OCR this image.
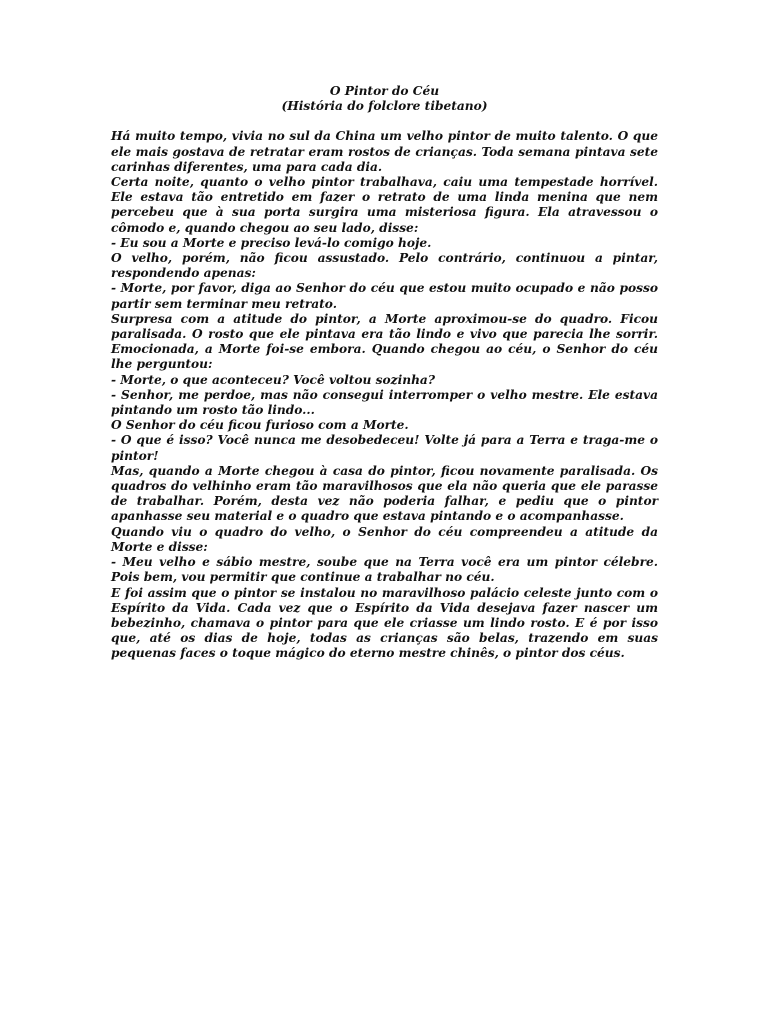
O Pintor do Céu
(História do folclore tibetano)

Há muito tempo, vivia no sul da China um velho pintor de muito talento. O que ele mais gostava de retratar eram rostos de crianças. Toda semana pintava sete carinhas diferentes, uma para cada dia.

Certa noite, quanto o velho pintor trabalhava, caiu uma tempestade horrível. Ele estava tão entretido em fazer o retrato de uma linda menina que nem percebeu que à sua porta surgira uma misteriosa figura. Ela atravessou o cômodo e, quando chegou ao seu lado, disse:

- Eu sou a Morte e preciso levá-lo comigo hoje.

O velho, porém, não ficou assustado. Pelo contrário, continuou a pintar, respondendo apenas:

- Morte, por favor, diga ao Senhor do céu que estou muito ocupado e não posso partir sem terminar meu retrato.

Surpresa com a atitude do pintor, a Morte aproximou-se do quadro. Ficou paralisada. O rosto que ele pintava era tão lindo e vivo que parecia lhe sorrir. Emocionada, a Morte foi-se embora. Quando chegou ao céu, o Senhor do céu lhe perguntou:

- Morte, o que aconteceu? Você voltou sozinha?

- Senhor, me perdoe, mas não consegui interromper o velho mestre. Ele estava pintando um rosto tão lindo...

O Senhor do céu ficou furioso com a Morte.

- O que é isso? Você nunca me desobedeceu! Volte já para a Terra e traga-me o pintor!

Mas, quando a Morte chegou à casa do pintor, ficou novamente paralisada. Os quadros do velhinho eram tão maravilhosos que ela não queria que ele parasse de trabalhar. Porém, desta vez não poderia falhar, e pediu que o pintor apanhasse seu material e o quadro que estava pintando e o acompanhasse.

Quando viu o quadro do velho, o Senhor do céu compreendeu a atitude da Morte e disse:

- Meu velho e sábio mestre, soube que na Terra você era um pintor célebre. Pois bem, vou permitir que continue a trabalhar no céu.

E foi assim que o pintor se instalou no maravilhoso palácio celeste junto com o Espírito da Vida. Cada vez que o Espírito da Vida desejava fazer nascer um bebezinho, chamava o pintor para que ele criasse um lindo rosto. E é por isso que, até os dias de hoje, todas as crianças são belas, trazendo em suas pequenas faces o toque mágico do eterno mestre chinês, o pintor dos céus.
